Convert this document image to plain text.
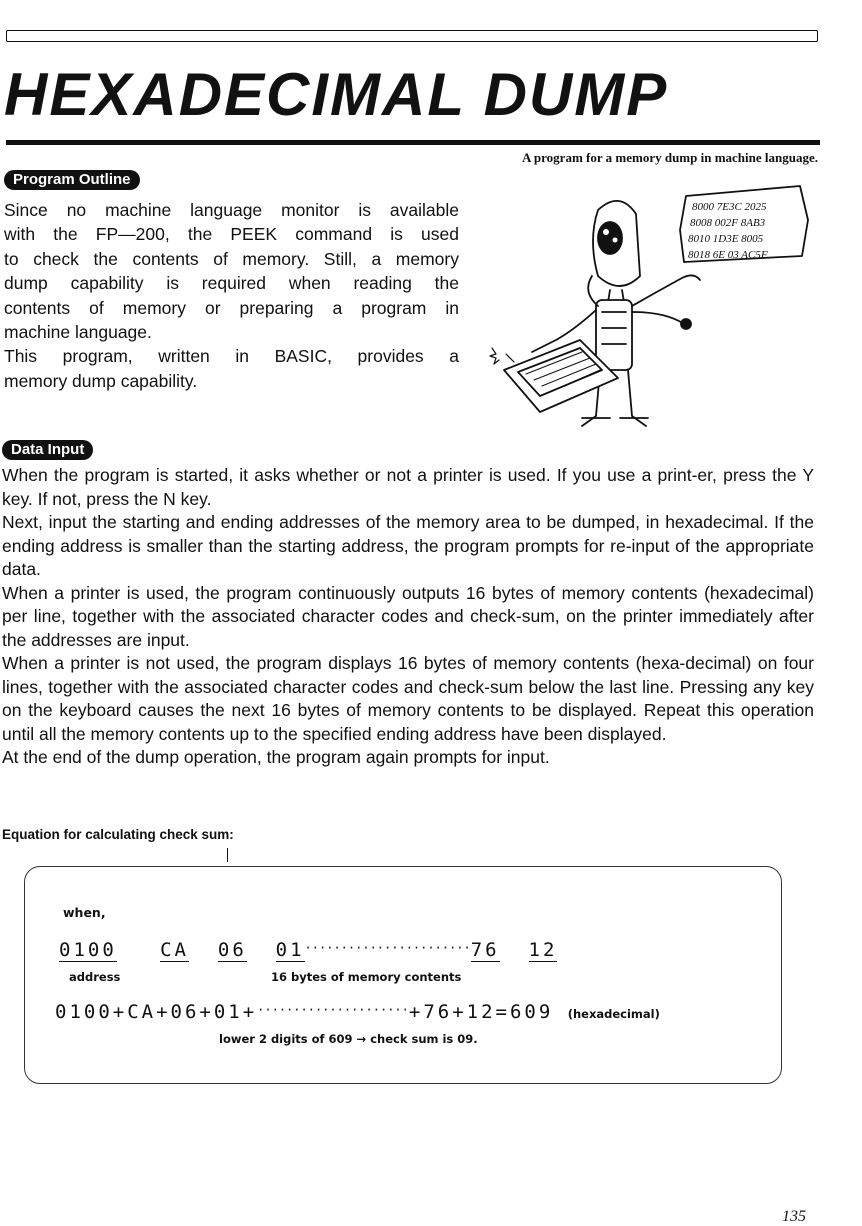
HEXADECIMAL DUMP
A program for a memory dump in machine language.
Program Outline
Since no machine language monitor is available
with the FP—200, the PEEK command is used
to check the contents of memory. Still, a memory
dump capability is required when reading the
contents of memory or preparing a program in
machine language.
This program, written in BASIC, provides a
memory dump capability.
8000 7E3C 2025
8008 002F 8AB3
8010 1D3E 8005
8018 6E 03 AC5F
Data Input

When the program is started, it asks whether or not a printer is used. If you use a print-er, press the Y key. If not, press the N key.

Next, input the starting and ending addresses of the memory area to be dumped, in hexadecimal. If the ending address is smaller than the starting address, the program prompts for re-input of the appropriate data.

When a printer is used, the program continuously outputs 16 bytes of memory contents (hexadecimal) per line, together with the associated character codes and check-sum, on the printer immediately after the addresses are input.

When a printer is not used, the program displays 16 bytes of memory contents (hexa-decimal) on four lines, together with the associated character codes and check-sum below the last line. Pressing any key on the keyboard causes the next 16 bytes of memory contents to be displayed. Repeat this operation until all the memory contents up to the specified ending address have been displayed.

At the end of the dump operation, the program again prompts for input.

Equation for calculating check sum:
when,
0100 CA 06 01·······················76 12
address	16 bytes of memory contents
0100+CA+06+01+·····················+76+12=609 (hexadecimal)
lower 2 digits of 609 → check sum is 09.
135
